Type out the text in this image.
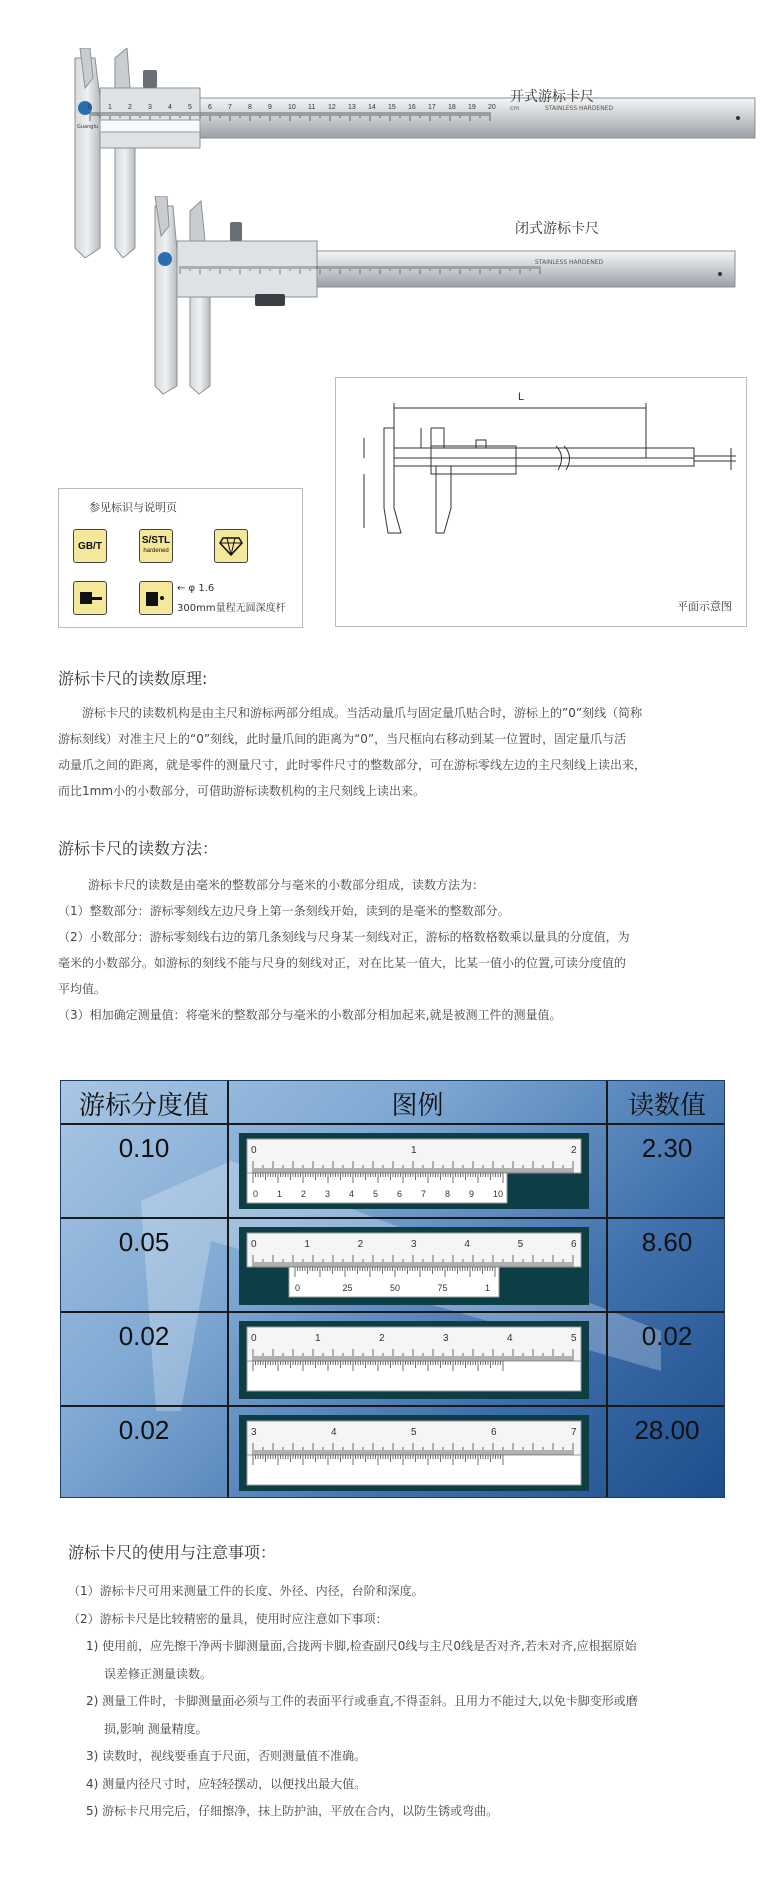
Guanglu
0 1 2 3 4 5 6 7 8 9 10 11 12 13 14 15 16 17 18 19 20 cm	STAINLESS HARDENED
开式游标卡尺
STAINLESS HARDENED
闭式游标卡尺
参见标识与说明页
GB/T	S/STL
hardened
← φ 1.6
300mm量程无圆深度杆
L
平面示意图
游标卡尺的读数原理:
游标卡尺的读数机构是由主尺和游标两部分组成。当活动量爪与固定量爪贴合时，游标上的”0”刻线（简称
游标刻线）对准主尺上的“0”刻线，此时量爪间的距离为“0”，当尺框向右移动到某一位置时，固定量爪与活
动量爪之间的距离，就是零件的测量尺寸，此时零件尺寸的整数部分，可在游标零线左边的主尺刻线上读出来，
而比1mm小的小数部分，可借助游标读数机构的主尺刻线上读出来。
游标卡尺的读数方法：
游标卡尺的读数是由毫米的整数部分与毫米的小数部分组成，读数方法为：
（1）整数部分：游标零刻线左边尺身上第一条刻线开始，读到的是毫米的整数部分。
（2）小数部分：游标零刻线右边的第几条刻线与尺身某一刻线对正，游标的格数格数乘以量具的分度值，为
毫米的小数部分。如游标的刻线不能与尺身的刻线对正，对在比某一值大，比某一值小的位置,可读分度值的
平均值。
（3）相加确定测量值：将毫米的整数部分与毫米的小数部分相加起来,就是被测工件的测量值。
游标分度值	图例	读数值
0.10	2.30
0.05	8.60
0.02	0.02
0.02	28.00
0	1	2
0 1 2 3 4 5 6 7 8 9 10
0	1	2	3	4	5	6
0	25	50	75	1
0	1	2	3	4	5
3	4	5	6	7
游标卡尺的使用与注意事项：
（1）游标卡尺可用来测量工件的长度、外径、内径，台阶和深度。
（2）游标卡尺是比较精密的量具，使用时应注意如下事项：
1) 使用前，应先擦干净两卡脚测量面,合拢两卡脚,检查副尺0线与主尺0线是否对齐,若未对齐,应根据原始
误差修正测量读数。
2) 测量工件时，卡脚测量面必须与工件的表面平行或垂直,不得歪斜。且用力不能过大,以免卡脚变形或磨
损,影响 测量精度。
3) 读数时，视线要垂直于尺面，否则测量值不准确。
4) 测量内径尺寸时，应轻轻摆动，以便找出最大值。
5) 游标卡尺用完后，仔细擦净，抹上防护油，平放在合内，以防生锈或弯曲。
